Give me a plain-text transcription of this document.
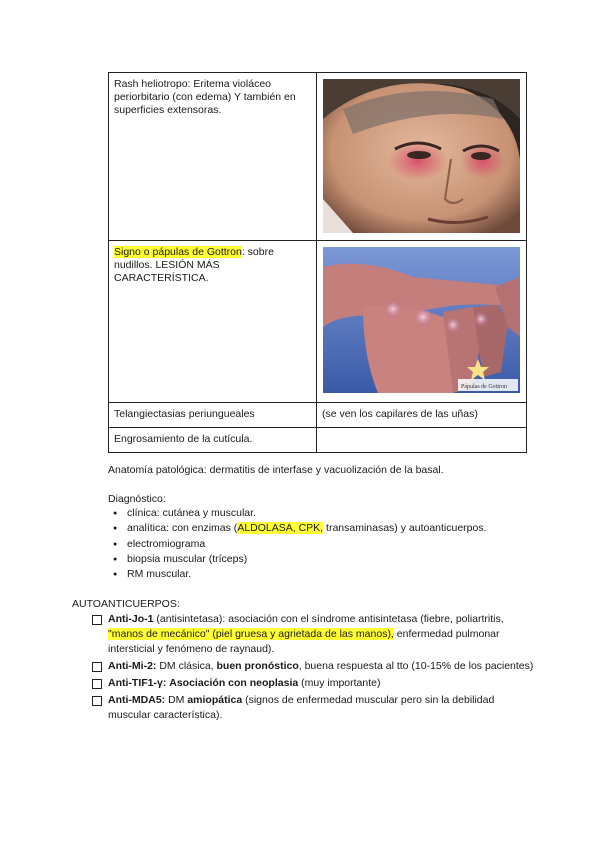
Rash heliotropo: Eritema violáceo periorbitario (con edema) Y también en superficies extensoras.	

Signo o pápulas de Gottron: sobre nudillos. LESIÓN MÁS CARACTERÍSTICA.	Pápulas de Gottron

Telangiectasias periungueales	(se ven los capilares de las uñas)
Engrosamiento de la cutícula.	
Anatomía patológica: dermatitis de interfase y vacuolización de la basal.
Diagnóstico:
● clínica: cutánea y muscular.
● analítica: con enzimas (ALDOLASA, CPK, transaminasas) y autoanticuerpos.
● electromiograma
● biopsia muscular (tríceps)
● RM muscular.
AUTOANTICUERPOS:
Anti-Jo-1 (antisintetasa): asociación con el síndrome antisintetasa (fiebre, poliartritis, "manos de mecánico" (piel gruesa y agrietada de las manos), enfermedad pulmonar intersticial y fenómeno de raynaud).
Anti-Mi-2: DM clásica, buen pronóstico, buena respuesta al tto (10-15% de los pacientes)
Anti-TIF1-γ: Asociación con neoplasia (muy importante)
Anti-MDA5: DM amiopática (signos de enfermedad muscular pero sin la debilidad muscular característica).
